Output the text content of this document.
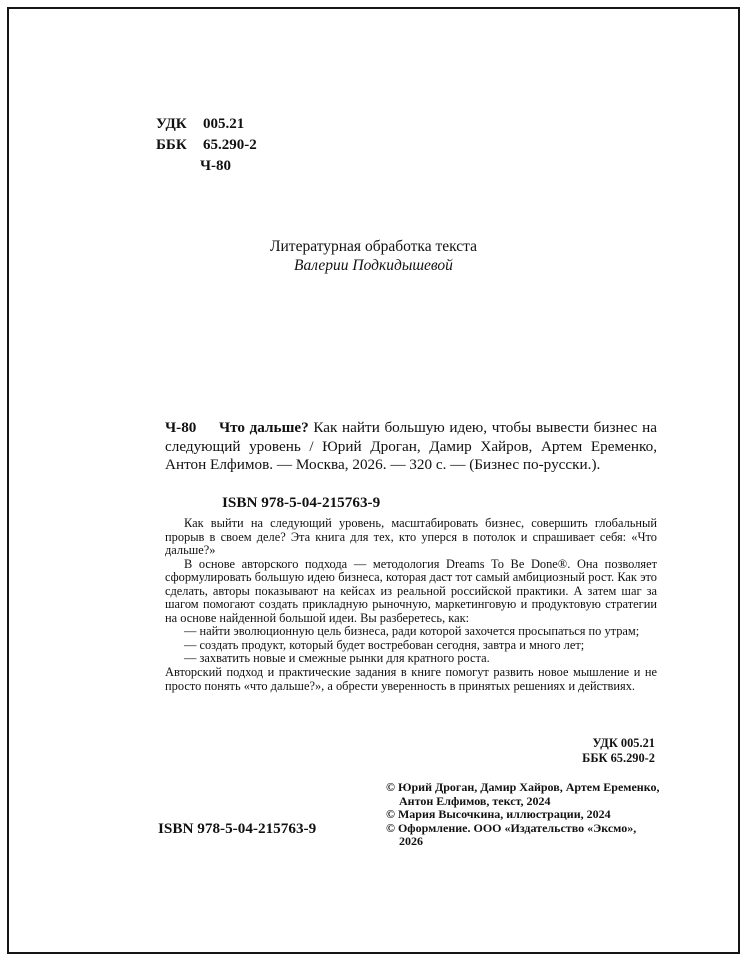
УДК 005.21
ББК 65.290-2
Ч-80
Литературная обработка текста
Валерии Подкидышевой
Ч-80 Что дальше? Как найти большую идею, чтобы вывести бизнес на следующий уровень / Юрий Дроган, Дамир Хайров, Артем Еременко, Антон Елфимов. — Москва, 2026. — 320 с. — (Бизнес по-русски.).

ISBN 978-5-04-215763-9

Как выйти на следующий уровень, масштабировать бизнес, совершить глобальный прорыв в своем деле? Эта книга для тех, кто уперся в потолок и спрашивает себя: «Что дальше?»

В основе авторского подхода — методология Dreams To Be Done®. Она позволяет сформулировать большую идею бизнеса, которая даст тот самый амбициозный рост. Как это сделать, авторы показывают на кейсах из реальной российской практики. А затем шаг за шагом помогают создать прикладную рыночную, маркетинговую и продуктовую стратегии на основе найденной большой идеи. Вы разберетесь, как:

— найти эволюционную цель бизнеса, ради которой захочется просыпаться по утрам;

— создать продукт, который будет востребован сегодня, завтра и много лет;

— захватить новые и смежные рынки для кратного роста.

Авторский подход и практические задания в книге помогут развить новое мышление и не просто понять «что дальше?», а обрести уверенность в принятых решениях и действиях.

УДК 005.21
ББК 65.290-2

© Юрий Дроган, Дамир Хайров, Артем Еременко, Антон Елфимов, текст, 2024

© Мария Высочкина, иллюстрации, 2024

© Оформление. ООО «Издательство «Эксмо», 2026

ISBN 978-5-04-215763-9
